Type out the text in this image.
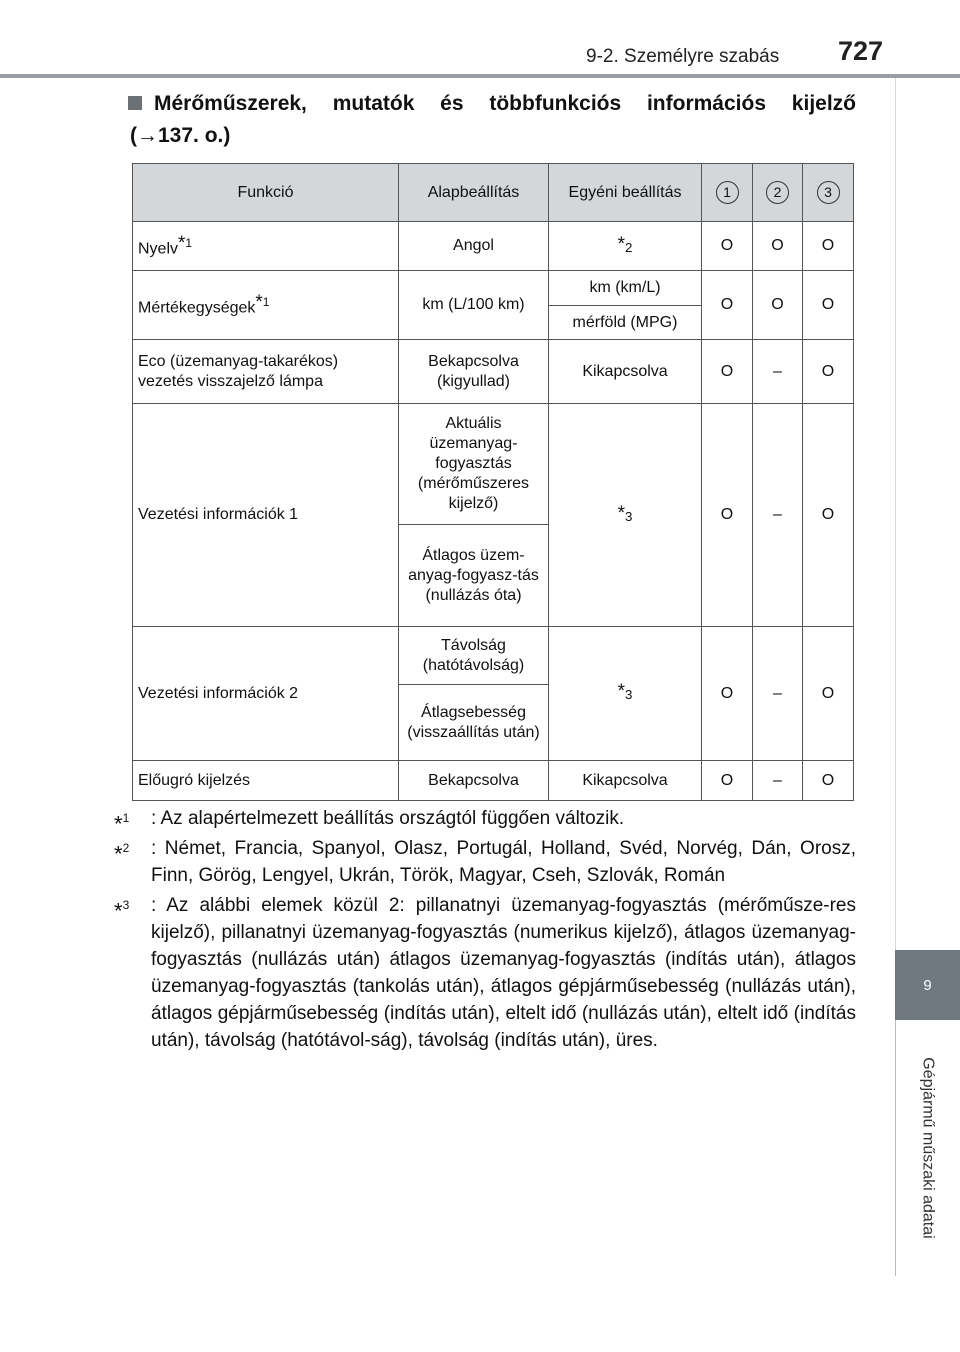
9-2. Személyre szabás 727
9
Gépjármű műszaki adatai
Mérőműszerek, mutatók és többfunkciós információs kijelző
(→137. o.)
Funkció	Alapbeállítás	Egyéni beállítás	1	2	3
Nyelv$^{*1}$	Angol	$*_2$	O	O	O
Mértékegységek$^{*1}$	km (L/100 km)	km (km/L)	O	O	O
		mérföld (MPG)			
Eco (üzemanyag-takarékos) vezetés visszajelző lámpa	Bekapcsolva (kigyullad)	Kikapcsolva	O	–	O
Vezetési információk 1	Aktuális üzemanyag-fogyasztás (mérőműszeres kijelző)	$*_3$	O	–	O
	Átlagos üzem-anyag-fogyasz-tás (nullázás óta)				
Vezetési információk 2	Távolság (hatótávolság)	$*_3$	O	–	O
	Átlagsebesség (visszaállítás után)				
Előugró kijelzés	Bekapcsolva	Kikapcsolva	O	–	O
*$^1$ : Az alapértelmezett beállítás országtól függően változik.
*$^2$ : Német, Francia, Spanyol, Olasz, Portugál, Holland, Svéd, Norvég, Dán, Orosz, Finn, Görög, Lengyel, Ukrán, Török, Magyar, Cseh, Szlovák, Román
*$^3$ : Az alábbi elemek közül 2: pillanatnyi üzemanyag-fogyasztás (mérőműsze-res kijelző), pillanatnyi üzemanyag-fogyasztás (numerikus kijelző), átlagos üzemanyag-fogyasztás (nullázás után) átlagos üzemanyag-fogyasztás (indítás után), átlagos üzemanyag-fogyasztás (tankolás után), átlagos gépjárműsebesség (nullázás után), átlagos gépjárműsebesség (indítás után), eltelt idő (nullázás után), eltelt idő (indítás után), távolság (hatótávol-ság), távolság (indítás után), üres.
